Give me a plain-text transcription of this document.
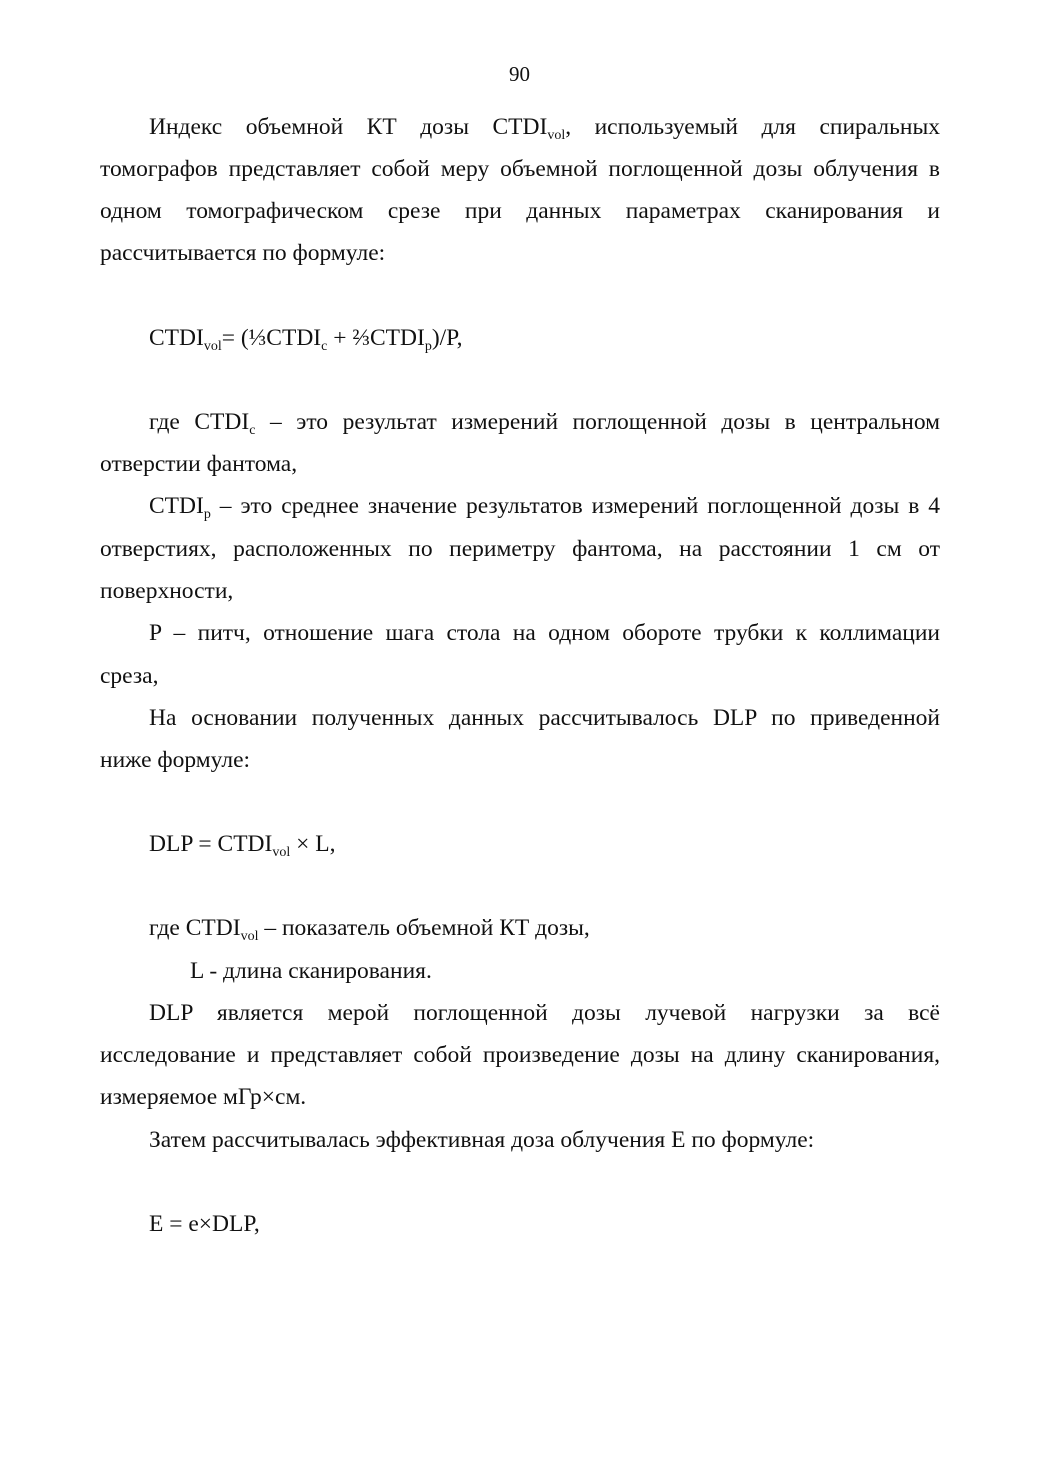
90
Индекс объемной КТ дозы $CTDI_{vol}$, используемый для спиральных
томографов представляет собой меру объемной поглощенной дозы облучения в
одном томографическом срезе при данных параметрах сканирования и
рассчитывается по формуле:
$CTDI_{vol}=$ ($\frac{1}{3}CTDI_c$ + $\frac{2}{3}CTDI_p)/P$,
где $CTDI_c$ – это результат измерений поглощенной дозы в центральном
отверстии фантома,
$CTDI_p$ – это среднее значение результатов измерений поглощенной дозы в 4
отверстиях, расположенных по периметру фантома, на расстоянии 1 см от
поверхности,
P – питч, отношение шага стола на одном обороте трубки к коллимации
среза,
На основании полученных данных рассчитывалось DLP по приведенной
ниже формуле:
DLP = $CTDI_{vol} \times L$,
где $CTDI_{vol}$ – показатель объемной КТ дозы,
L - длина сканирования.
DLP является мерой поглощенной дозы лучевой нагрузки за всё
исследование и представляет собой произведение дозы на длину сканирования,
измеряемое мГр×см.
Затем рассчитывалась эффективная доза облучения E по формуле:
E = e×DLP,
